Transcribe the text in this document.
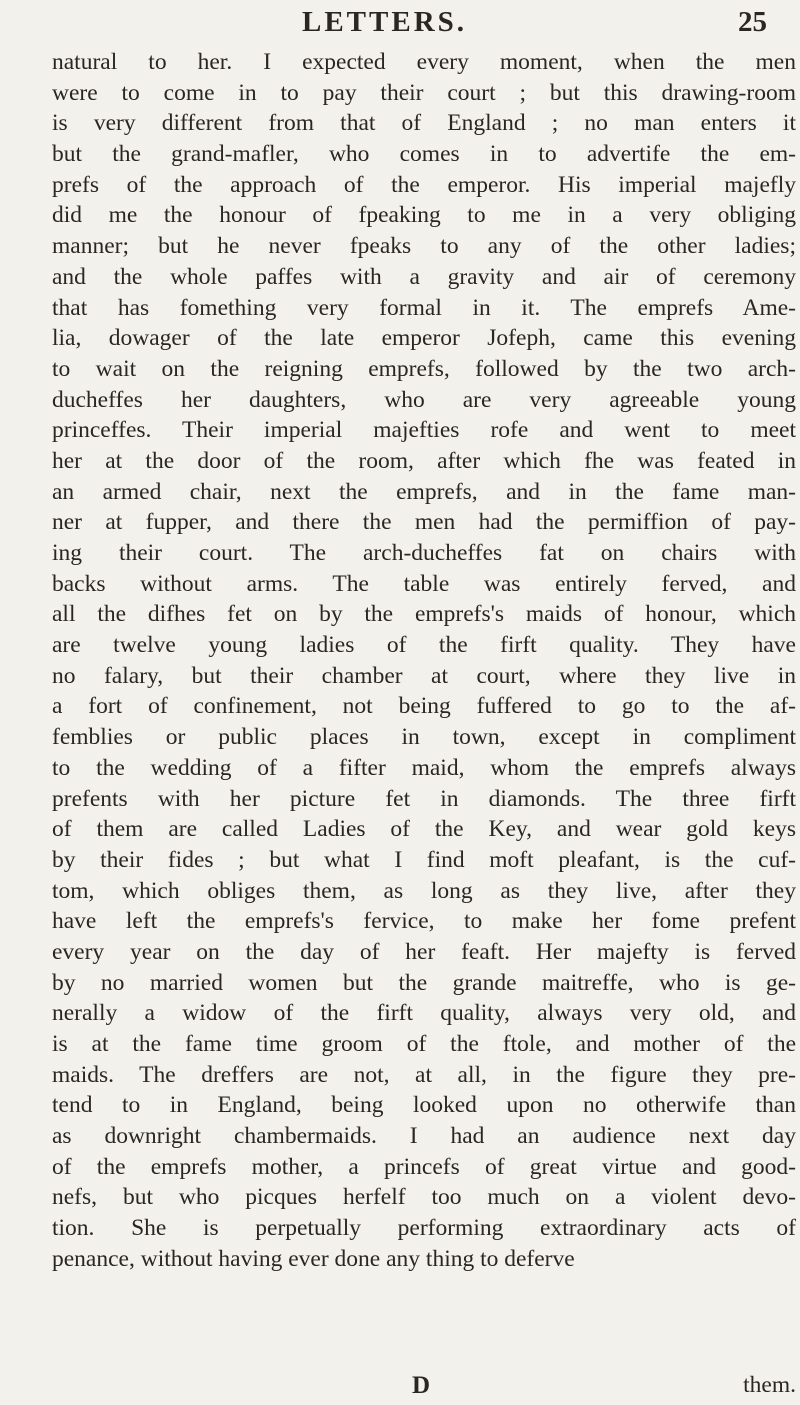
LETTERS.	25
natural to her. I expected every moment, when the men
were to come in to pay their court ; but this drawing-room
is very different from that of England ; no man enters it
but the grand-mafler, who comes in to advertife the em-
prefs of the approach of the emperor. His imperial majefly
did me the honour of fpeaking to me in a very obliging
manner; but he never fpeaks to any of the other ladies;
and the whole paffes with a gravity and air of ceremony
that has fomething very formal in it. The emprefs Ame-
lia, dowager of the late emperor Jofeph, came this evening
to wait on the reigning emprefs, followed by the two arch-
ducheffes her daughters, who are very agreeable young
princeffes. Their imperial majefties rofe and went to meet
her at the door of the room, after which fhe was feated in
an armed chair, next the emprefs, and in the fame man-
ner at fupper, and there the men had the permiffion of pay-
ing their court. The arch-ducheffes fat on chairs with
backs without arms. The table was entirely ferved, and
all the difhes fet on by the emprefs's maids of honour, which
are twelve young ladies of the firft quality. They have
no falary, but their chamber at court, where they live in
a fort of confinement, not being fuffered to go to the af-
femblies or public places in town, except in compliment
to the wedding of a fifter maid, whom the emprefs always
prefents with her picture fet in diamonds. The three firft
of them are called Ladies of the Key, and wear gold keys
by their fides ; but what I find moft pleafant, is the cuf-
tom, which obliges them, as long as they live, after they
have left the emprefs's fervice, to make her fome prefent
every year on the day of her feaft. Her majefty is ferved
by no married women but the grande maitreffe, who is ge-
nerally a widow of the firft quality, always very old, and
is at the fame time groom of the ftole, and mother of the
maids. The dreffers are not, at all, in the figure they pre-
tend to in England, being looked upon no otherwife than
as downright chambermaids. I had an audience next day
of the emprefs mother, a princefs of great virtue and good-
nefs, but who picques herfelf too much on a violent devo-
tion. She is perpetually performing extraordinary acts of
penance, without having ever done any thing to deferve
D	them.
